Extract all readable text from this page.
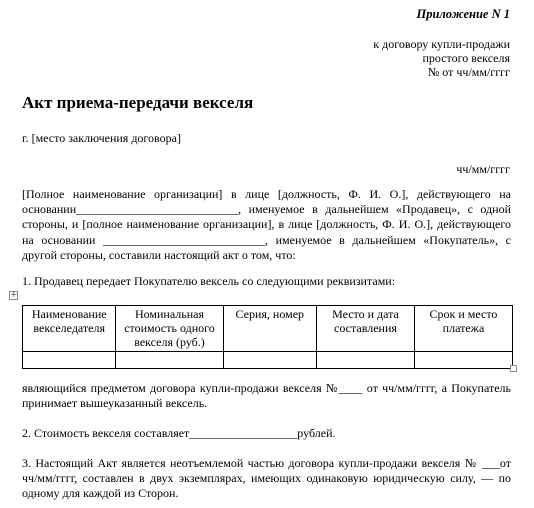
Приложение N 1
к договору купли-продажи
простого векселя
№ от чч/мм/гггг
Акт приема-передачи векселя
г. [место заключения договора]
чч/мм/гггг

[Полное наименование организации] в лице [должность, Ф. И. О.], действующего на основании___________________________, именуемое в дальнейшем «Продавец», с одной стороны, и [полное наименование организации], в лице [должность, Ф. И. О.], действующего на основании ___________________________, именуемое в дальнейшем «Покупатель», с другой стороны, составили настоящий акт о том, что:

1. Продавец передает Покупателю вексель со следующими реквизитами:

+
Наименование векселедателя	Номинальная стоимость одного векселя (руб.)	Серия, номер	Место и дата составления	Срок и место платежа

являющийся предметом договора купли-продажи векселя №____ от чч/мм/гггг, а Покупатель принимает вышеуказанный вексель.

2. Стоимость векселя составляет__________________рублей.

3. Настоящий Акт является неотъемлемой частью договора купли-продажи векселя № ___от чч/мм/гггг, составлен в двух экземплярах, имеющих одинаковую юридическую силу, — по одному для каждой из Сторон.
